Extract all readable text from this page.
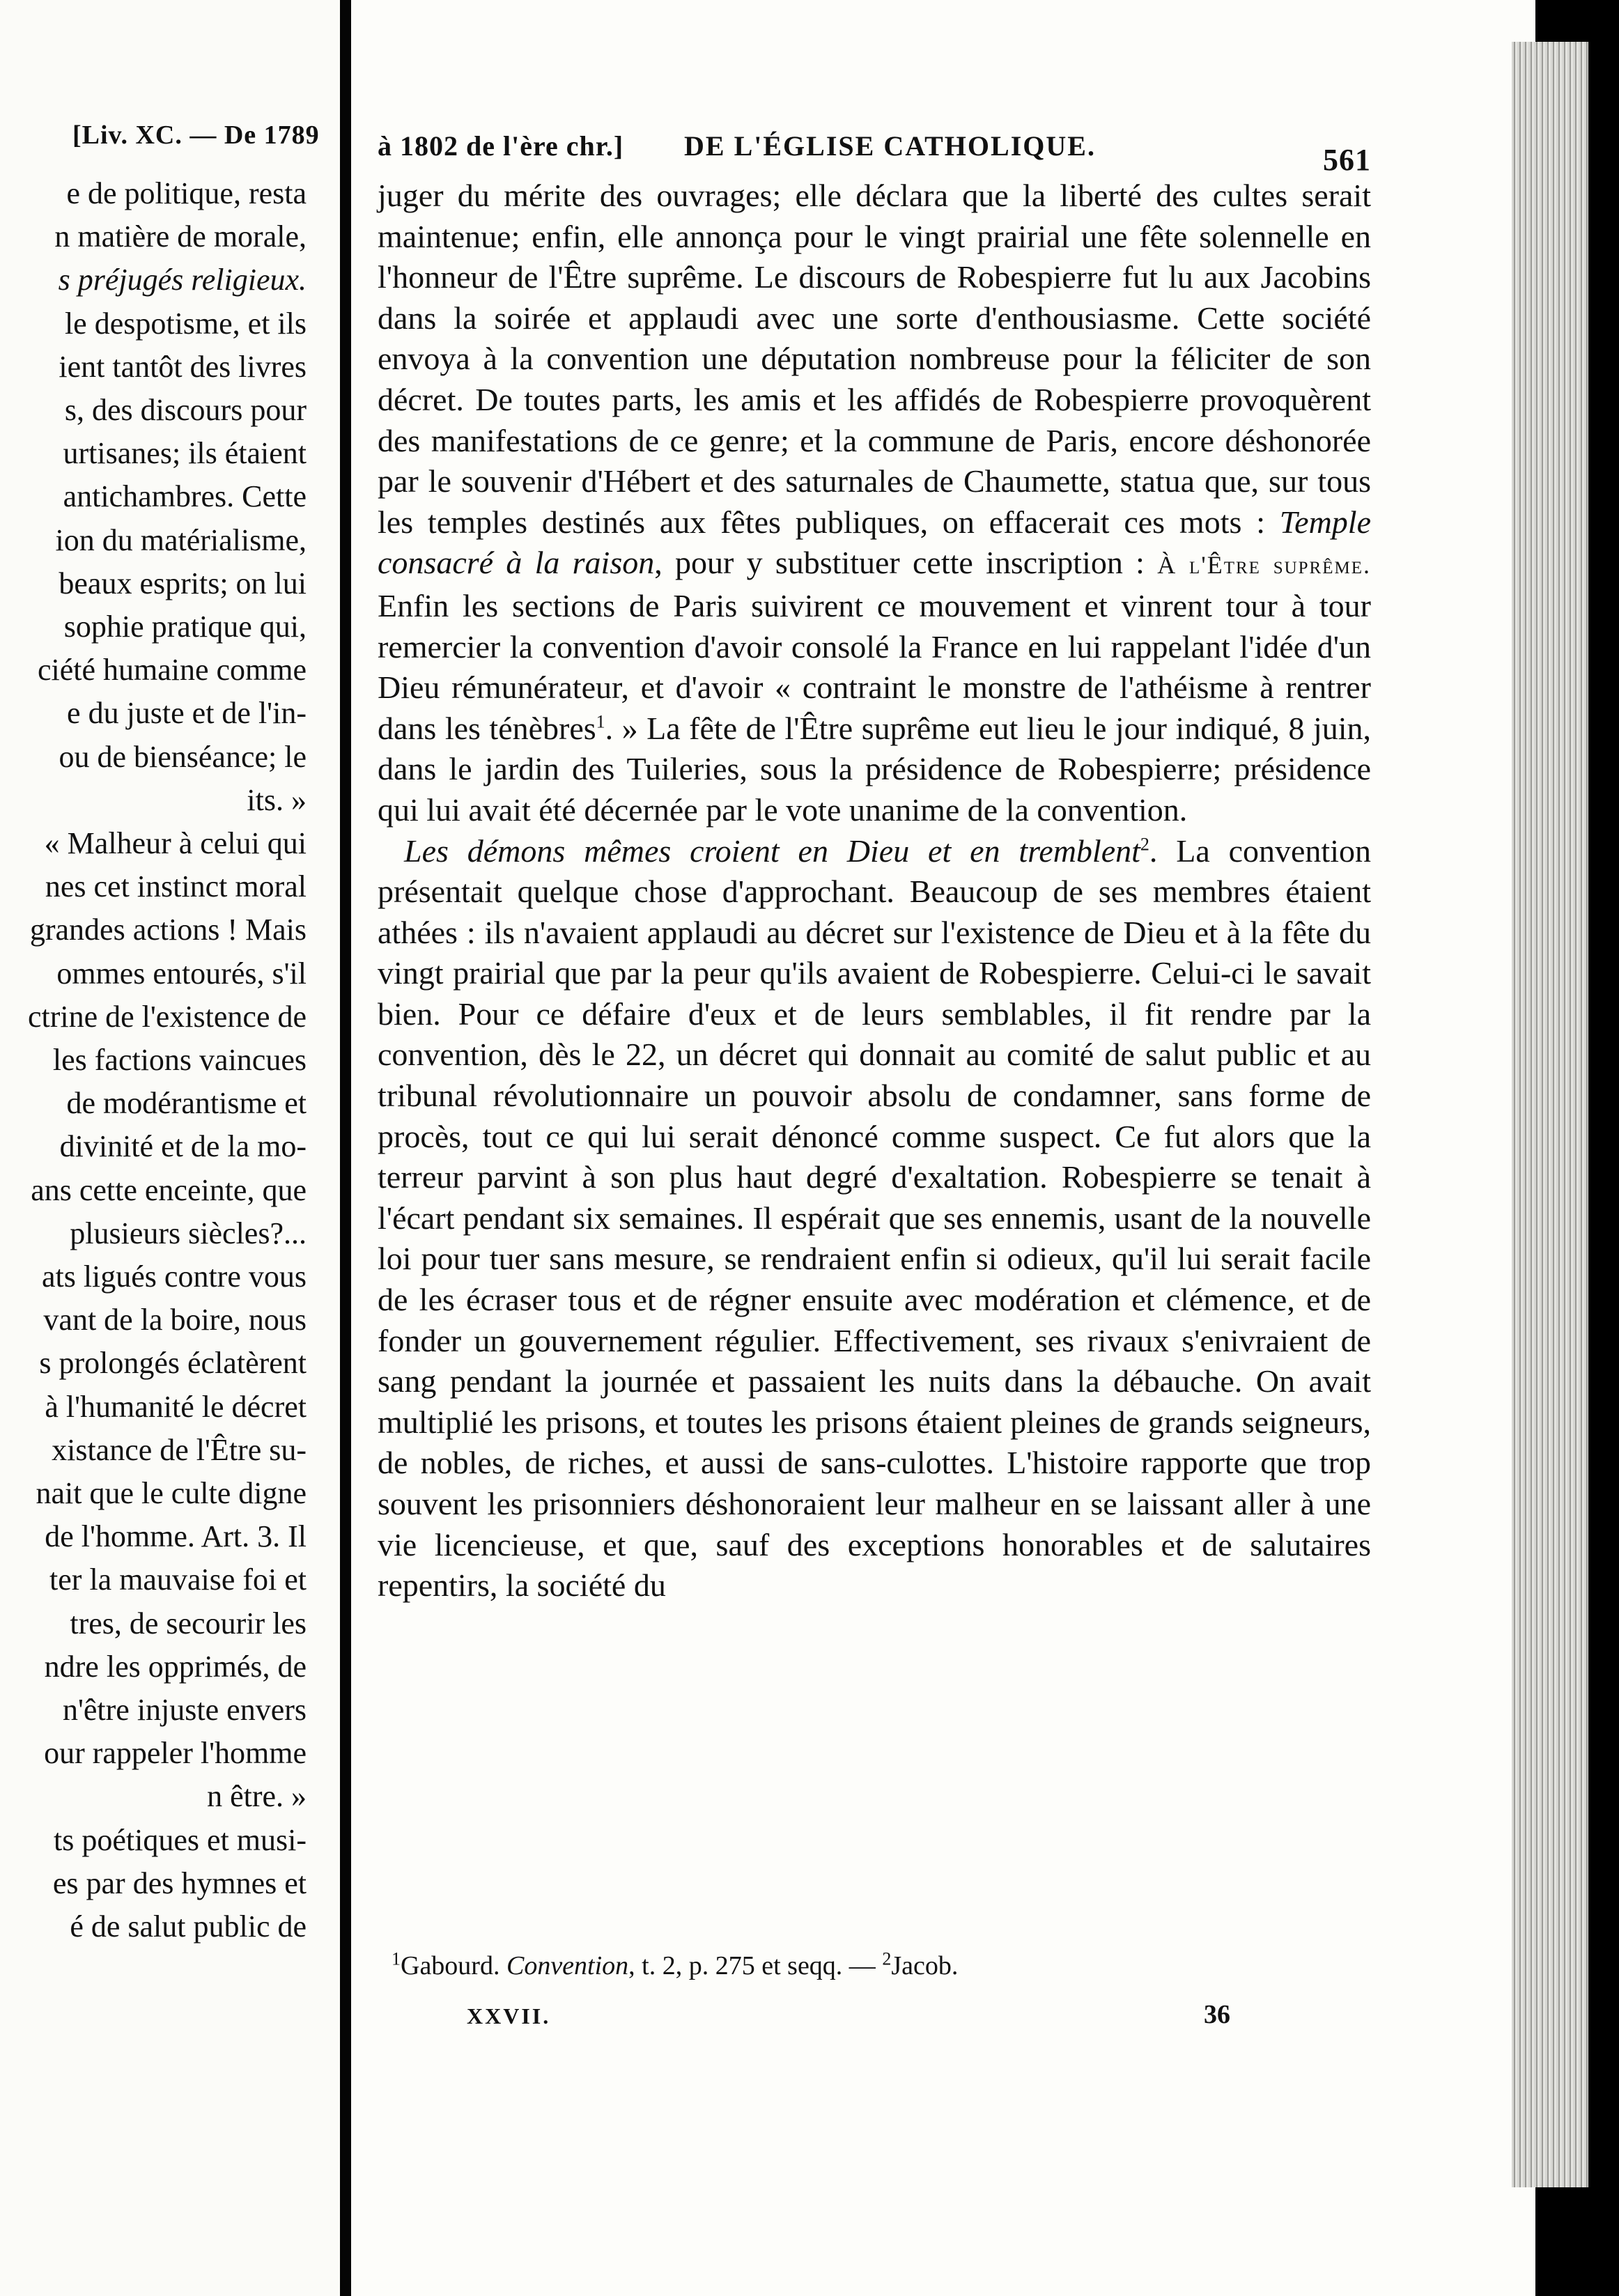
[Liv. XC. — De 1789
e de politique, resta
n matière de morale,
s préjugés religieux.
le despotisme, et ils
ient tantôt des livres
s, des discours pour
urtisanes; ils étaient
antichambres. Cette
ion du matérialisme,
beaux esprits; on lui
sophie pratique qui,
ciété humaine comme
e du juste et de l'in-
ou de bienséance; le
its. »
« Malheur à celui qui
nes cet instinct moral
grandes actions ! Mais
ommes entourés, s'il
ctrine de l'existence de
les factions vaincues
de modérantisme et
divinité et de la mo-
ans cette enceinte, que
plusieurs siècles?...
ats ligués contre vous
vant de la boire, nous
s prolongés éclatèrent
à l'humanité le décret
xistance de l'Être su-
nait que le culte digne
de l'homme. Art. 3. Il
ter la mauvaise foi et
tres, de secourir les
ndre les opprimés, de
n'être injuste envers
our rappeler l'homme
n être. »
ts poétiques et musi-
es par des hymnes et
é de salut public de
à 1802 de l'ère chr.] DE L'ÉGLISE CATHOLIQUE.	561

juger du mérite des ouvrages; elle déclara que la liberté des cultes serait maintenue; enfin, elle annonça pour le vingt prairial une fête solennelle en l'honneur de l'Être suprême. Le discours de Robespierre fut lu aux Jacobins dans la soirée et applaudi avec une sorte d'enthousiasme. Cette société envoya à la convention une députation nombreuse pour la féliciter de son décret. De toutes parts, les amis et les affidés de Robespierre provoquèrent des manifestations de ce genre; et la commune de Paris, encore déshonorée par le souvenir d'Hébert et des saturnales de Chaumette, statua que, sur tous les temples destinés aux fêtes publiques, on effacerait ces mots : Temple consacré à la raison, pour y substituer cette inscription : À l'Être suprême. Enfin les sections de Paris suivirent ce mouvement et vinrent tour à tour remercier la convention d'avoir consolé la France en lui rappelant l'idée d'un Dieu rémunérateur, et d'avoir « contraint le monstre de l'athéisme à rentrer dans les ténèbres$^1$. » La fête de l'Être suprême eut lieu le jour indiqué, 8 juin, dans le jardin des Tuileries, sous la présidence de Robespierre; présidence qui lui avait été décernée par le vote unanime de la convention.

Les démons mêmes croient en Dieu et en tremblent$^2$. La convention présentait quelque chose d'approchant. Beaucoup de ses membres étaient athées : ils n'avaient applaudi au décret sur l'existence de Dieu et à la fête du vingt prairial que par la peur qu'ils avaient de Robespierre. Celui-ci le savait bien. Pour ce défaire d'eux et de leurs semblables, il fit rendre par la convention, dès le 22, un décret qui donnait au comité de salut public et au tribunal révolutionnaire un pouvoir absolu de condamner, sans forme de procès, tout ce qui lui serait dénoncé comme suspect. Ce fut alors que la terreur parvint à son plus haut degré d'exaltation. Robespierre se tenait à l'écart pendant six semaines. Il espérait que ses ennemis, usant de la nouvelle loi pour tuer sans mesure, se rendraient enfin si odieux, qu'il lui serait facile de les écraser tous et de régner ensuite avec modération et clémence, et de fonder un gouvernement régulier. Effectivement, ses rivaux s'enivraient de sang pendant la journée et passaient les nuits dans la débauche. On avait multiplié les prisons, et toutes les prisons étaient pleines de grands seigneurs, de nobles, de riches, et aussi de sans-culottes. L'histoire rapporte que trop souvent les prisonniers déshonoraient leur malheur en se laissant aller à une vie licencieuse, et que, sauf des exceptions honorables et de salutaires repentirs, la société du

$^1$Gabourd. Convention, t. 2, p. 275 et seqq. — $^2$Jacob.
XXVII.	36
